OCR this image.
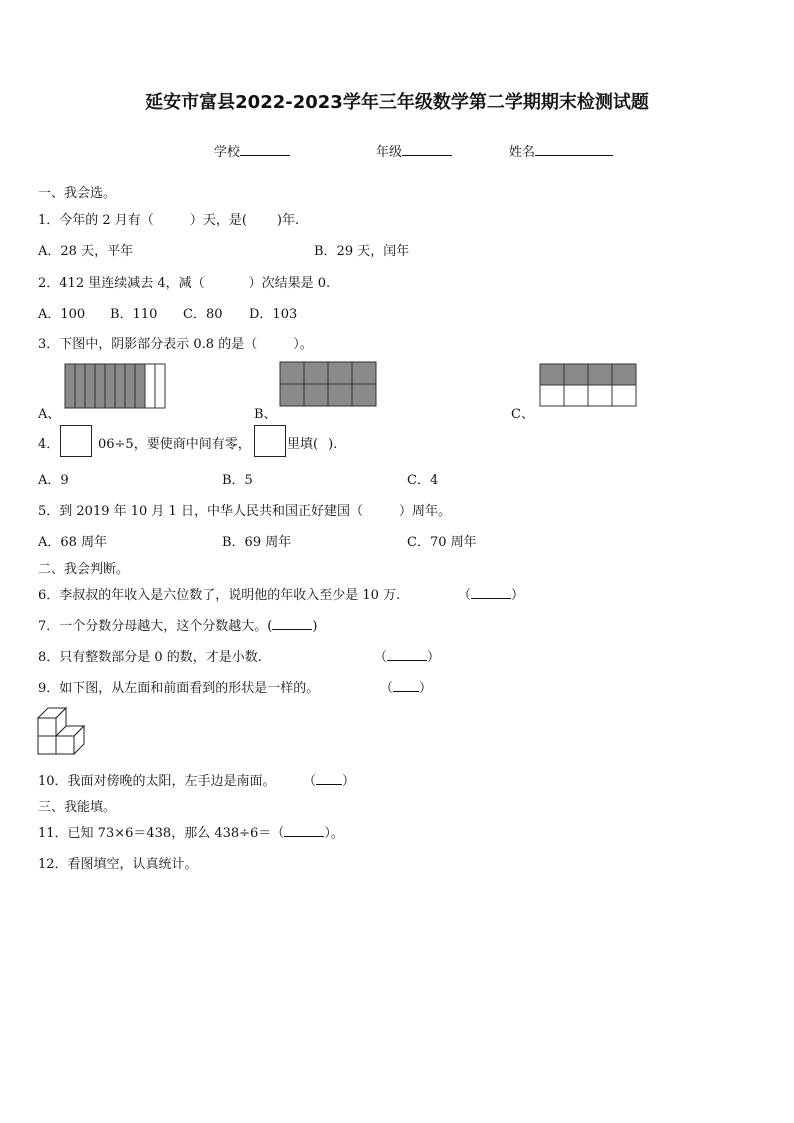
延安市富县2022-2023学年三年级数学第二学期期末检测试题
学校	年级	姓名
一、我会选。
1．今年的 2 月有（	）天，是( )年.
A．28 天，平年	B．29 天，闰年
2．412 里连续减去 4，减（	）次结果是 0.
A．100 B．110 C．80 D．103
3．下图中，阴影部分表示 0.8 的是（	）。
A、	B、	C、
4．	06÷5，要使商中间有零，	里填( ).
A．9	B．5	C．4
5．到 2019 年 10 月 1 日，中华人民共和国正好建国（	）周年。
A．68 周年	B．69 周年	C．70 周年
二、我会判断。
6．李叔叔的年收入是六位数了，说明他的年收入至少是 10 万.	（	）
7．一个分数分母越大，这个分数越大。(	)
8．只有整数部分是 0 的数，才是小数.	（	）
9．如下图，从左面和前面看到的形状是一样的。	（ ）
10．我面对傍晚的太阳，左手边是南面。 （ ）
三、我能填。
11．已知 73×6＝438，那么 438÷6＝（	）。
12．看图填空，认真统计。
